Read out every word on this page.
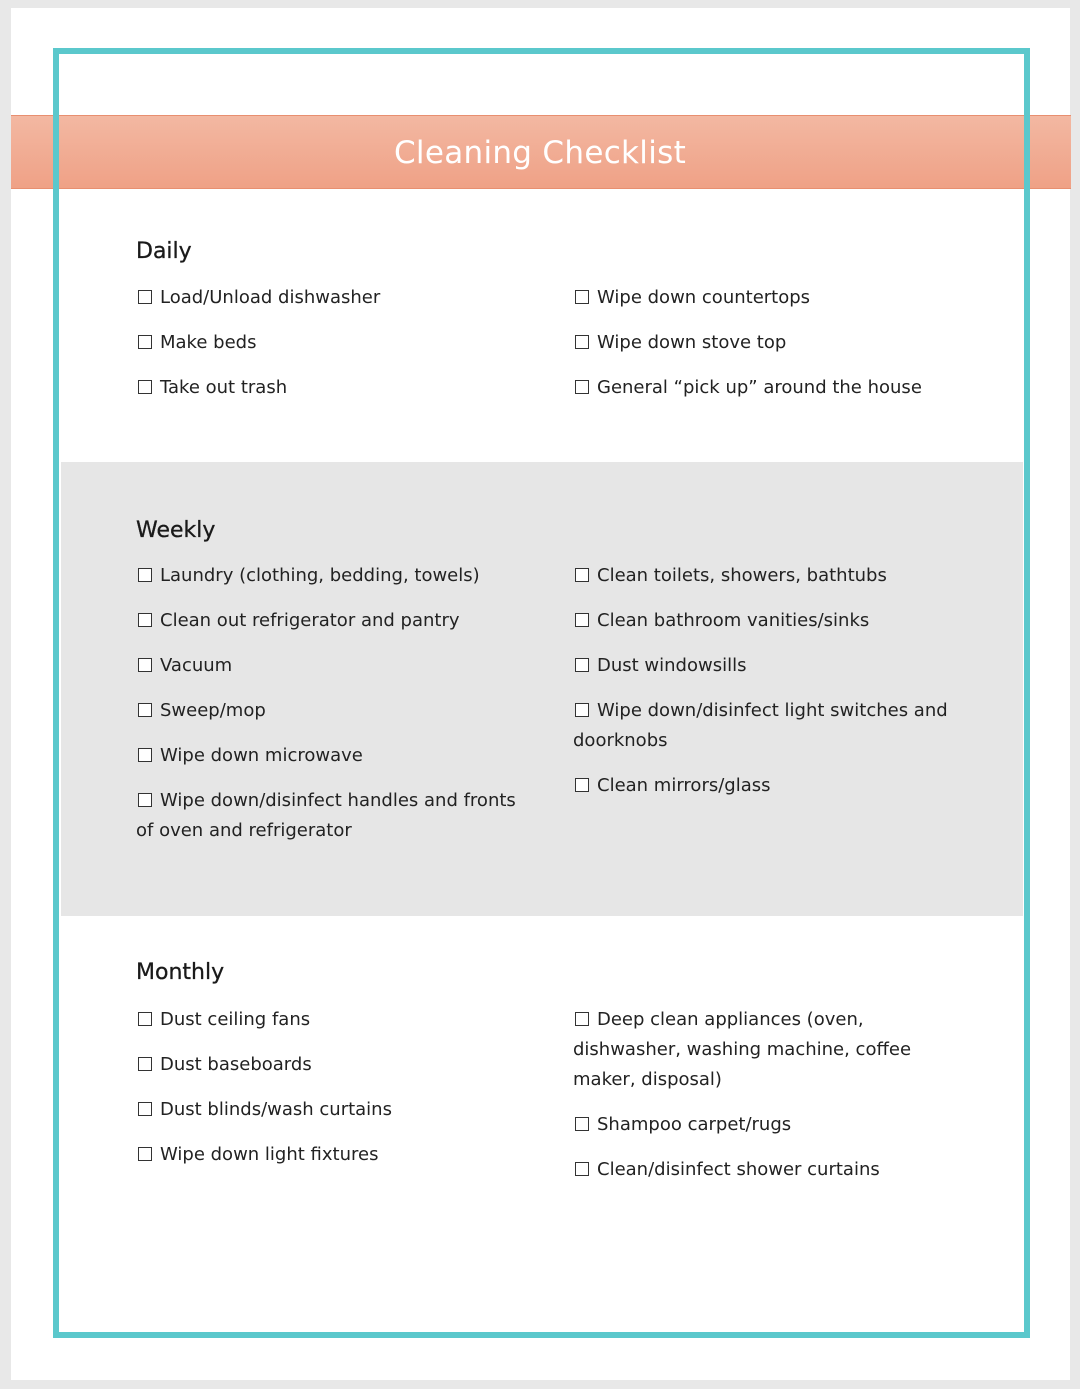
Cleaning Checklist
Daily
Load/Unload dishwasher
Make beds
Take out trash
Wipe down countertops
Wipe down stove top
General “pick up” around the house
Weekly
Laundry (clothing, bedding, towels)
Clean out refrigerator and pantry
Vacuum
Sweep/mop
Wipe down microwave
Wipe down/disinfect handles and fronts of oven and refrigerator
Clean toilets, showers, bathtubs
Clean bathroom vanities/sinks
Dust windowsills
Wipe down/disinfect light switches and doorknobs
Clean mirrors/glass
Monthly
Dust ceiling fans
Dust baseboards
Dust blinds/wash curtains
Wipe down light fixtures
Deep clean appliances (oven, dishwasher, washing machine, coffee maker, disposal)
Shampoo carpet/rugs
Clean/disinfect shower curtains
